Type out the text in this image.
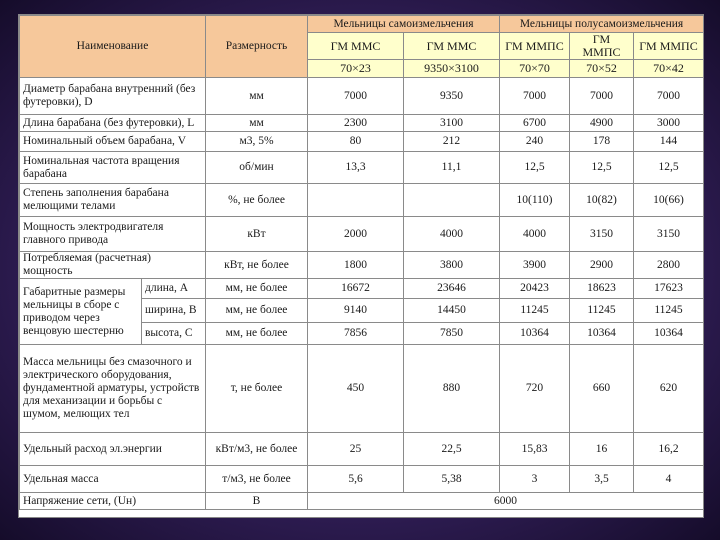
Наименование		Размерность	Мельницы самоизмельчения		Мельницы полусамоизмельчения		
			ГМ ММС	ГМ ММС	ГМ ММПС	ГМ ММПС	ГМ ММПС
			70×23	9350×3100	70×70	70×52	70×42
Диаметр барабана внутренний (без футеровки), D		мм	7000	9350	7000	7000	7000
Длина барабана (без футеровки), L		мм	2300	3100	6700	4900	3000
Номинальный объем барабана, V		м3, 5%	80	212	240	178	144
Номинальная частота вращения барабана		об/мин	13,3	11,1	12,5	12,5	12,5
Степень заполнения барабана мелющими телами		%, не более			10(110)	10(82)	10(66)
Мощность электродвигателя главного привода		кВт	2000	4000	4000	3150	3150
Потребляемая (расчетная) мощность		кВт, не более	1800	3800	3900	2900	2800
Габаритные размеры мельницы в сборе с приводом через венцовую шестерню	длина, А	мм, не более	16672	23646	20423	18623	17623
	ширина, В	мм, не более	9140	14450	11245	11245	11245
	высота, С	мм, не более	7856	7850	10364	10364	10364
Масса мельницы без смазочного и электрического оборудования, фундаментной арматуры, устройств для механизации и борьбы с шумом, мелющих тел		т, не более	450	880	720	660	620
Удельный расход эл.энергии		кВт/м3, не более	25	22,5	15,83	16	16,2
Удельная масса		т/м3, не более	5,6	5,38	3	3,5	4
Напряжение сети, (Uн)		В	6000				
